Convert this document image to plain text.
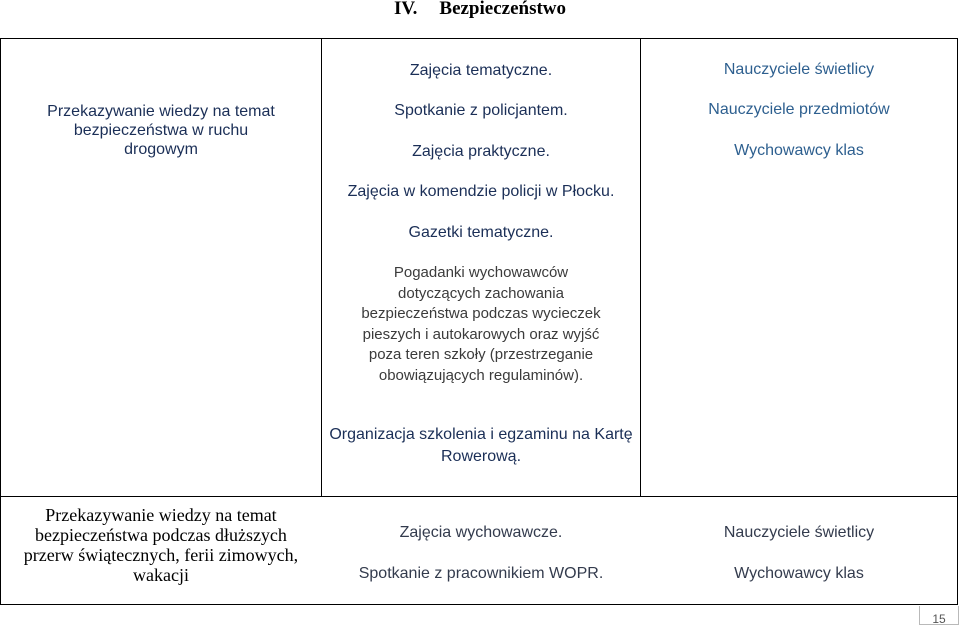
IV. Bezpieczeństwo
Przekazywanie wiedzy na temat bezpieczeństwa w ruchu drogowym
Zajęcia tematyczne.
Spotkanie z policjantem.
Zajęcia praktyczne.
Zajęcia w komendzie policji w Płocku.
Gazetki tematyczne.
Pogadanki wychowawców dotyczących zachowania bezpieczeństwa podczas wycieczek pieszych i autokarowych oraz wyjść poza teren szkoły (przestrzeganie obowiązujących regulaminów).
Organizacja szkolenia i egzaminu na Kartę Rowerową.
Nauczyciele świetlicy
Nauczyciele przedmiotów
Wychowawcy klas
Przekazywanie wiedzy na temat bezpieczeństwa podczas dłuższych przerw świątecznych, ferii zimowych, wakacji
Zajęcia wychowawcze.
Spotkanie z pracownikiem WOPR.
Nauczyciele świetlicy
Wychowawcy klas
15
